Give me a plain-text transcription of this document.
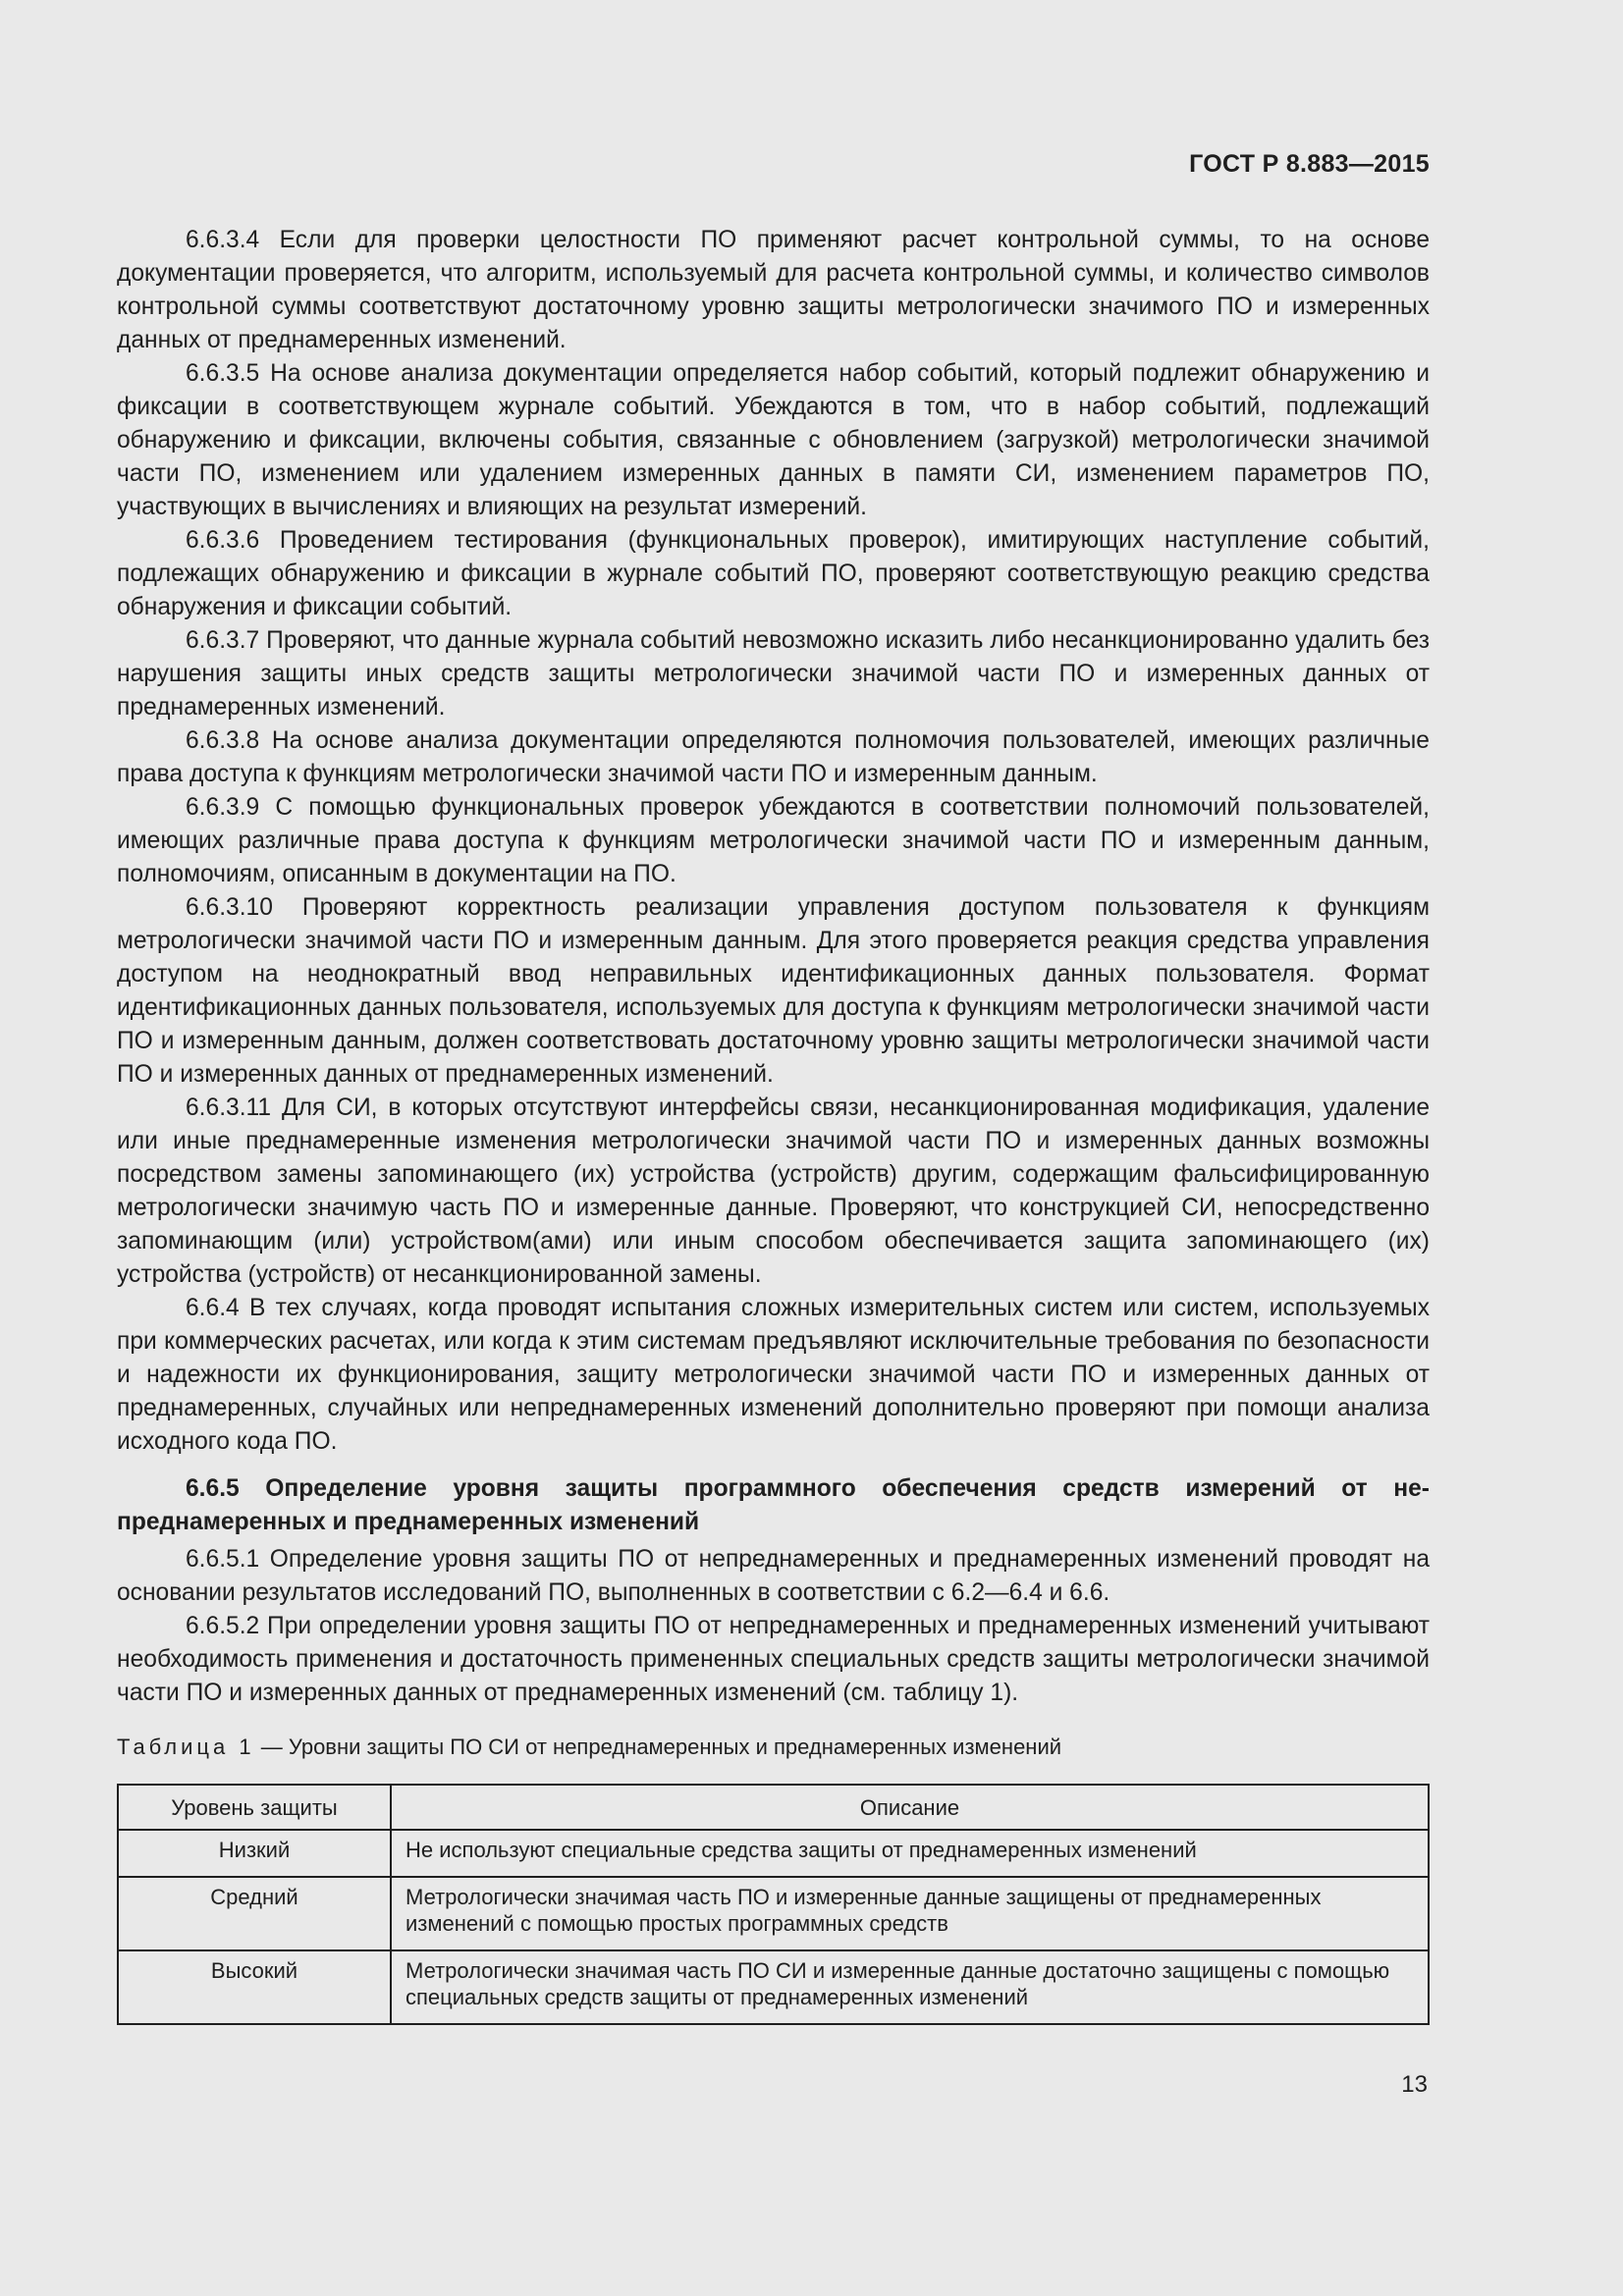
ГОСТ Р 8.883—2015

6.6.3.4 Если для проверки целостности ПО применяют расчет контрольной суммы, то на основе документации проверяется, что алгоритм, используемый для расчета контрольной суммы, и количество символов контрольной суммы соответствуют достаточному уровню защиты метрологически значимого ПО и измеренных данных от преднамеренных изменений.

6.6.3.5 На основе анализа документации определяется набор событий, который подлежит обнаружению и фиксации в соответствующем журнале событий. Убеждаются в том, что в набор событий, подлежащий обнаружению и фиксации, включены события, связанные с обновлением (загрузкой) метрологически значимой части ПО, изменением или удалением измеренных данных в памяти СИ, изменением параметров ПО, участвующих в вычислениях и влияющих на результат измерений.

6.6.3.6 Проведением тестирования (функциональных проверок), имитирующих наступление событий, подлежащих обнаружению и фиксации в журнале событий ПО, проверяют соответствующую реакцию средства обнаружения и фиксации событий.

6.6.3.7 Проверяют, что данные журнала событий невозможно исказить либо несанкционированно удалить без нарушения защиты иных средств защиты метрологически значимой части ПО и измеренных данных от преднамеренных изменений.

6.6.3.8 На основе анализа документации определяются полномочия пользователей, имеющих различные права доступа к функциям метрологически значимой части ПО и измеренным данным.

6.6.3.9 С помощью функциональных проверок убеждаются в соответствии полномочий пользователей, имеющих различные права доступа к функциям метрологически значимой части ПО и измеренным данным, полномочиям, описанным в документации на ПО.

6.6.3.10 Проверяют корректность реализации управления доступом пользователя к функциям метрологически значимой части ПО и измеренным данным. Для этого проверяется реакция средства управления доступом на неоднократный ввод неправильных идентификационных данных пользователя. Формат идентификационных данных пользователя, используемых для доступа к функциям метрологически значимой части ПО и измеренным данным, должен соответствовать достаточному уровню защиты метрологически значимой части ПО и измеренных данных от преднамеренных изменений.

6.6.3.11 Для СИ, в которых отсутствуют интерфейсы связи, несанкционированная модификация, удаление или иные преднамеренные изменения метрологически значимой части ПО и измеренных данных возможны посредством замены запоминающего (их) устройства (устройств) другим, содержащим фальсифицированную метрологически значимую часть ПО и измеренные данные. Проверяют, что конструкцией СИ, непосредственно запоминающим (или) устройством(ами) или иным способом обеспечивается защита запоминающего (их) устройства (устройств) от несанкционированной замены.

6.6.4 В тех случаях, когда проводят испытания сложных измерительных систем или систем, используемых при коммерческих расчетах, или когда к этим системам предъявляют исключительные требования по безопасности и надежности их функционирования, защиту метрологически значимой части ПО и измеренных данных от преднамеренных, случайных или непреднамеренных изменений дополнительно проверяют при помощи анализа исходного кода ПО.

6.6.5 Определение уровня защиты программного обеспечения средств измерений от непреднамеренных и преднамеренных изменений

6.6.5.1 Определение уровня защиты ПО от непреднамеренных и преднамеренных изменений проводят на основании результатов исследований ПО, выполненных в соответствии с 6.2—6.4 и 6.6.

6.6.5.2 При определении уровня защиты ПО от непреднамеренных и преднамеренных изменений учитывают необходимость применения и достаточность примененных специальных средств защиты метрологически значимой части ПО и измеренных данных от преднамеренных изменений (см. таблицу 1).

Таблица 1 — Уровни защиты ПО СИ от непреднамеренных и преднамеренных изменений
Уровень защиты	Описание
Низкий	Не используют специальные средства защиты от преднамеренных изменений
Средний	Метрологически значимая часть ПО и измеренные данные защищены от преднамеренных изменений с помощью простых программных средств
Высокий	Метрологически значимая часть ПО СИ и измеренные данные достаточно защищены с помощью специальных средств защиты от преднамеренных изменений
13
